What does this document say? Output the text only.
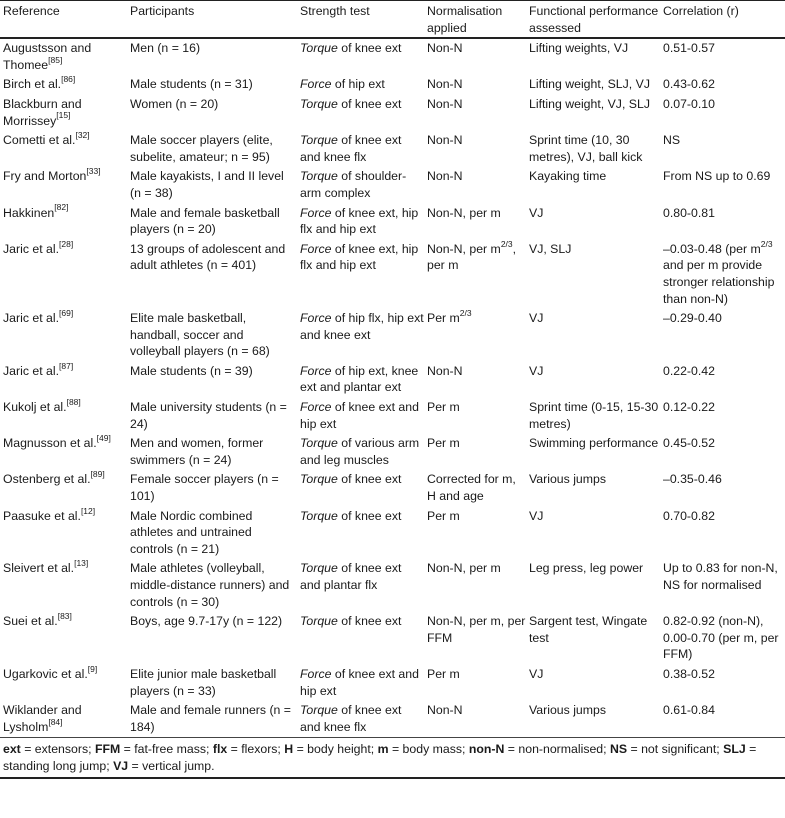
Reference	Participants	Strength test	Normalisation applied	Functional performance assessed	Correlation (r)
Augustsson and Thomee[85]	Men (n = 16)	Torque of knee ext	Non-N	Lifting weights, VJ	0.51-0.57
Birch et al.[86]	Male students (n = 31)	Force of hip ext	Non-N	Lifting weight, SLJ, VJ	0.43-0.62
Blackburn and Morrissey[15]	Women (n = 20)	Torque of knee ext	Non-N	Lifting weight, VJ, SLJ	0.07-0.10
Cometti et al.[32]	Male soccer players (elite, subelite, amateur; n = 95)	Torque of knee ext and knee flx	Non-N	Sprint time (10, 30 metres), VJ, ball kick	NS
Fry and Morton[33]	Male kayakists, I and II level (n = 38)	Torque of shoulder-arm complex	Non-N	Kayaking time	From NS up to 0.69
Hakkinen[82]	Male and female basketball players (n = 20)	Force of knee ext, hip flx and hip ext	Non-N, per m	VJ	0.80-0.81
Jaric et al.[28]	13 groups of adolescent and adult athletes (n = 401)	Force of knee ext, hip flx and hip ext	Non-N, per $m^{2/3}$, per m	VJ, SLJ	–0.03-0.48 (per $m^{2/3}$ and per m provide stronger relationship than non-N)
Jaric et al.[69]	Elite male basketball, handball, soccer and volleyball players (n = 68)	Force of hip flx, hip ext and knee ext	Per $m^{2/3}$	VJ	–0.29-0.40
Jaric et al.[87]	Male students (n = 39)	Force of hip ext, knee ext and plantar ext	Non-N	VJ	0.22-0.42
Kukolj et al.[88]	Male university students (n = 24)	Force of knee ext and hip ext	Per m	Sprint time (0-15, 15-30 metres)	0.12-0.22
Magnusson et al.[49]	Men and women, former swimmers (n = 24)	Torque of various arm and leg muscles	Per m	Swimming performance	0.45-0.52
Ostenberg et al.[89]	Female soccer players (n = 101)	Torque of knee ext	Corrected for m, H and age	Various jumps	–0.35-0.46
Paasuke et al.[12]	Male Nordic combined athletes and untrained controls (n = 21)	Torque of knee ext	Per m	VJ	0.70-0.82
Sleivert et al.[13]	Male athletes (volleyball, middle-distance runners) and controls (n = 30)	Torque of knee ext and plantar flx	Non-N, per m	Leg press, leg power	Up to 0.83 for non-N, NS for normalised
Suei et al.[83]	Boys, age 9.7-17y (n = 122)	Torque of knee ext	Non-N, per m, per FFM	Sargent test, Wingate test	0.82-0.92 (non-N), 0.00-0.70 (per m, per FFM)
Ugarkovic et al.[9]	Elite junior male basketball players (n = 33)	Force of knee ext and hip ext	Per m	VJ	0.38-0.52
Wiklander and Lysholm[84]	Male and female runners (n = 184)	Torque of knee ext and knee flx	Non-N	Various jumps	0.61-0.84
ext = extensors; FFM = fat-free mass; flx = flexors; H = body height; m = body mass; non-N = non-normalised; NS = not significant; SLJ = standing long jump; VJ = vertical jump.					
